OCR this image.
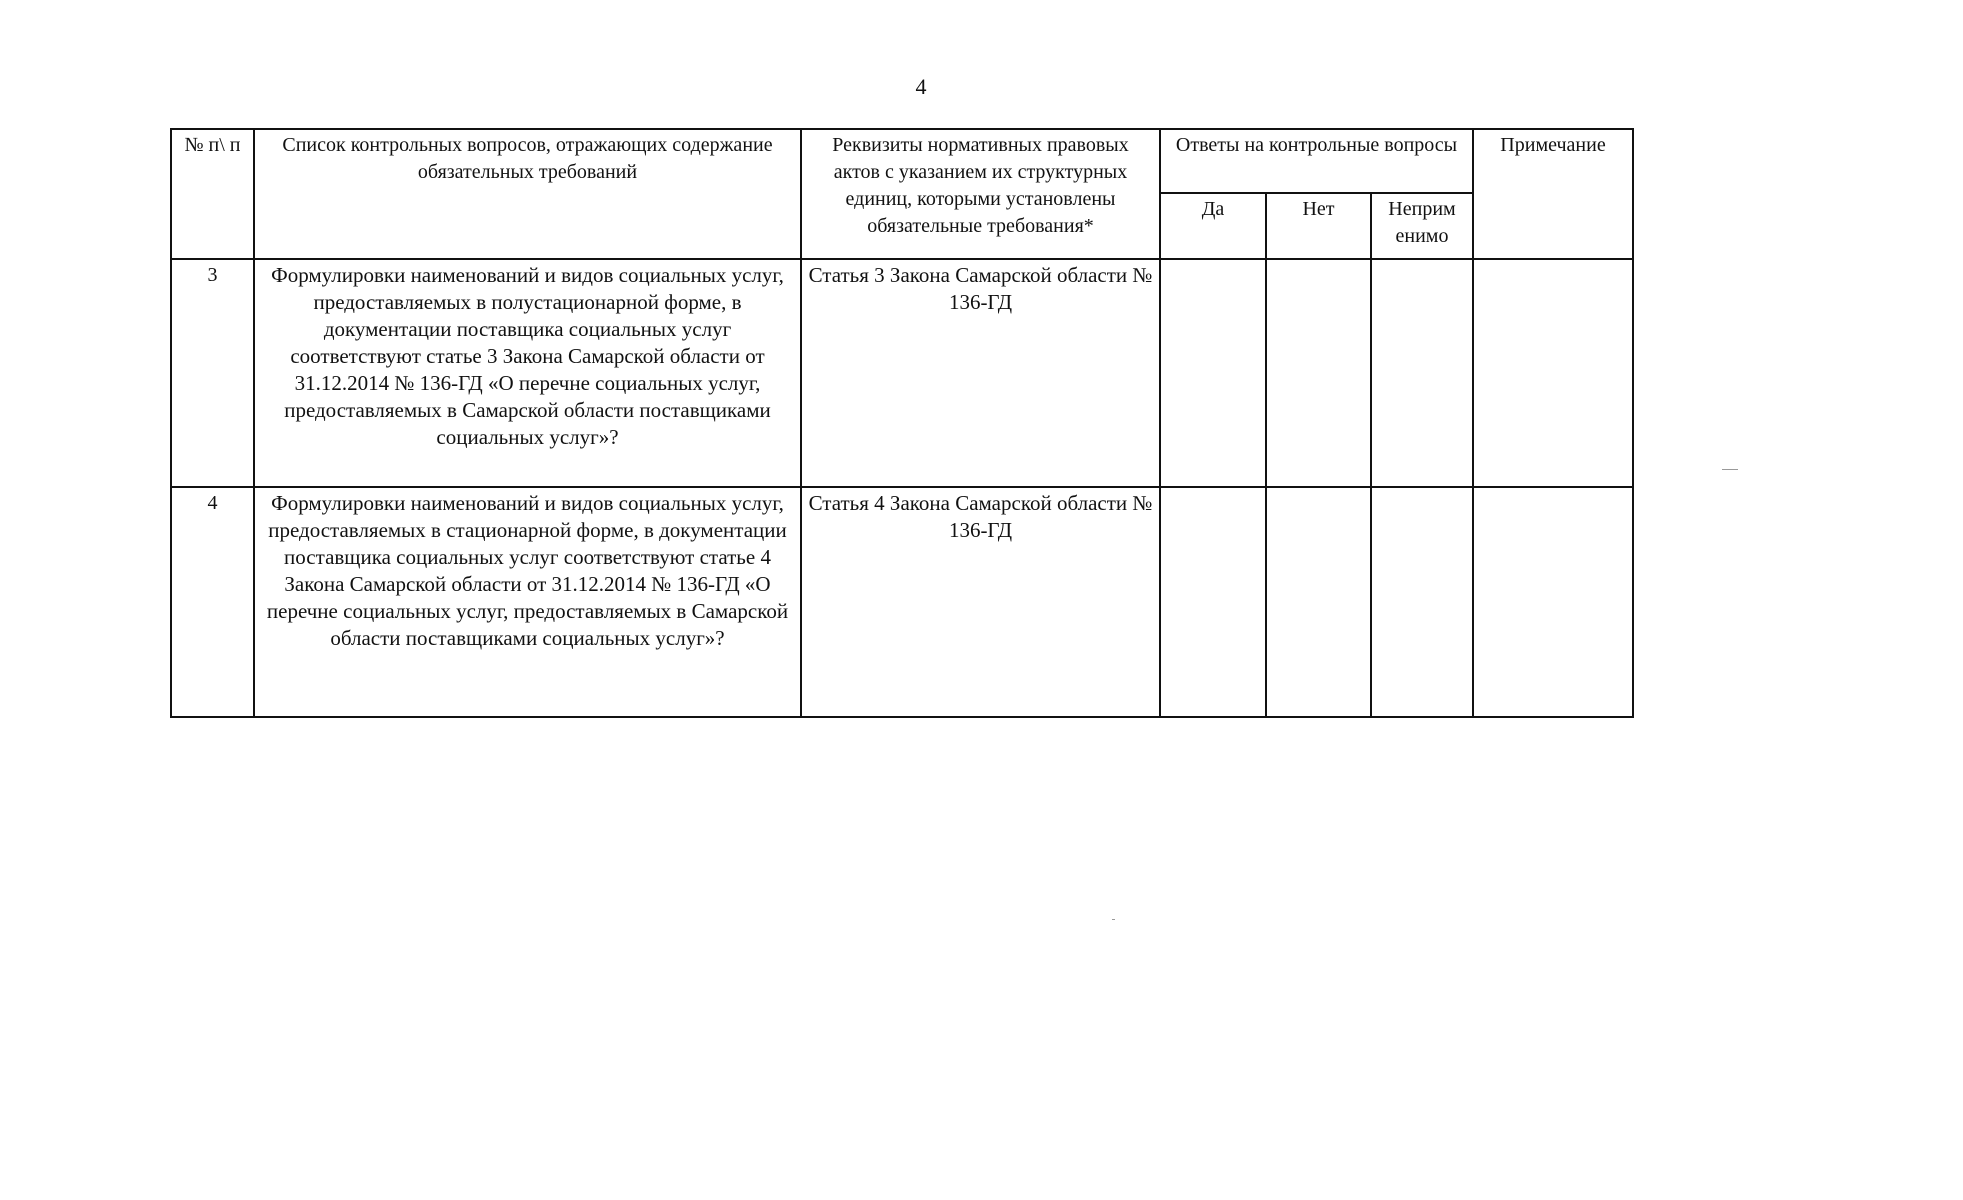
4
№ п\ п	Список контрольных вопросов, отражающих содержание обязательных требований	Реквизиты нормативных правовых актов с указанием их структурных единиц, которыми установлены обязательные требования*	Ответы на контрольные вопросы			Примечание
			Да	Нет	Неприм енимо	
3	Формулировки наименований и видов социальных услуг, предоставляемых в полустационарной форме, в документации поставщика социальных услуг соответствуют статье 3 Закона Самарской области от 31.12.2014 № 136-ГД «О перечне социальных услуг, предоставляемых в Самарской области поставщиками социальных услуг»?	Статья 3 Закона Самарской области № 136-ГД				
4	Формулировки наименований и видов социальных услуг, предоставляемых в стационарной форме, в документации поставщика социальных услуг соответствуют статье 4 Закона Самарской области от 31.12.2014 № 136-ГД «О перечне социальных услуг, предоставляемых в Самарской области поставщиками социальных услуг»?	Статья 4 Закона Самарской области № 136-ГД				
